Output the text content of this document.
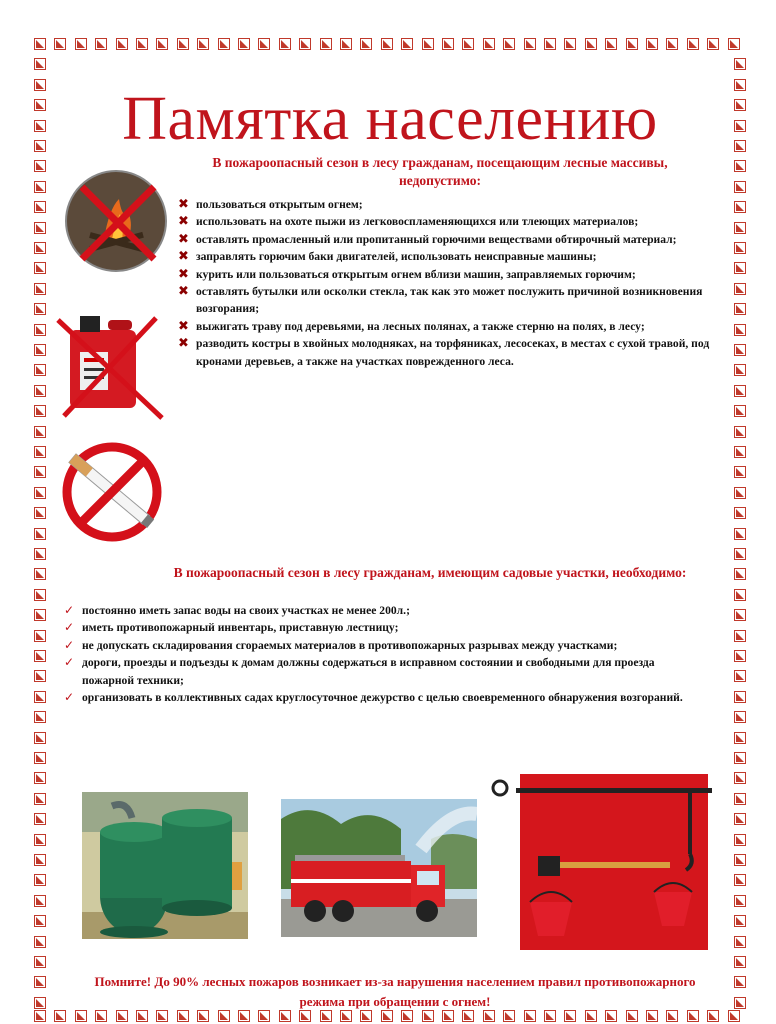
Памятка населению
В пожароопасный сезон в лесу гражданам, посещающим лесные массивы, недопустимо:
✖ пользоваться открытым огнем;
✖ использовать на охоте пыжи из легковоспламеняющихся или тлеющих материалов;
✖ оставлять промасленный или пропитанный горючими веществами обтирочный материал;
✖ заправлять горючим баки двигателей, использовать неисправные машины;
✖ курить или пользоваться открытым огнем вблизи машин, заправляемых горючим;
✖ оставлять бутылки или осколки стекла, так как это может послужить причиной возникновения возгорания;
✖ выжигать траву под деревьями, на лесных полянах, а также стерню на полях, в лесу;
✖ разводить костры в хвойных молодняках, на торфяниках, лесосеках, в местах с сухой травой, под кронами деревьев, а также на участках поврежденного леса.
В пожароопасный сезон в лесу гражданам, имеющим садовые участки, необходимо:
✓ постоянно иметь запас воды на своих участках не менее 200л.;
✓ иметь противопожарный инвентарь, приставную лестницу;
✓ не допускать складирования сгораемых материалов в противопожарных разрывах между участками;
✓ дороги, проезды и подъезды к домам должны содержаться в исправном состоянии и свободными для проезда пожарной техники;
✓ организовать в коллективных садах круглосуточное дежурство с целью своевременного обнаружения возгораний.
Помните! До 90% лесных пожаров возникает из-за нарушения населением правил противопожарного режима при обращении с огнем!
